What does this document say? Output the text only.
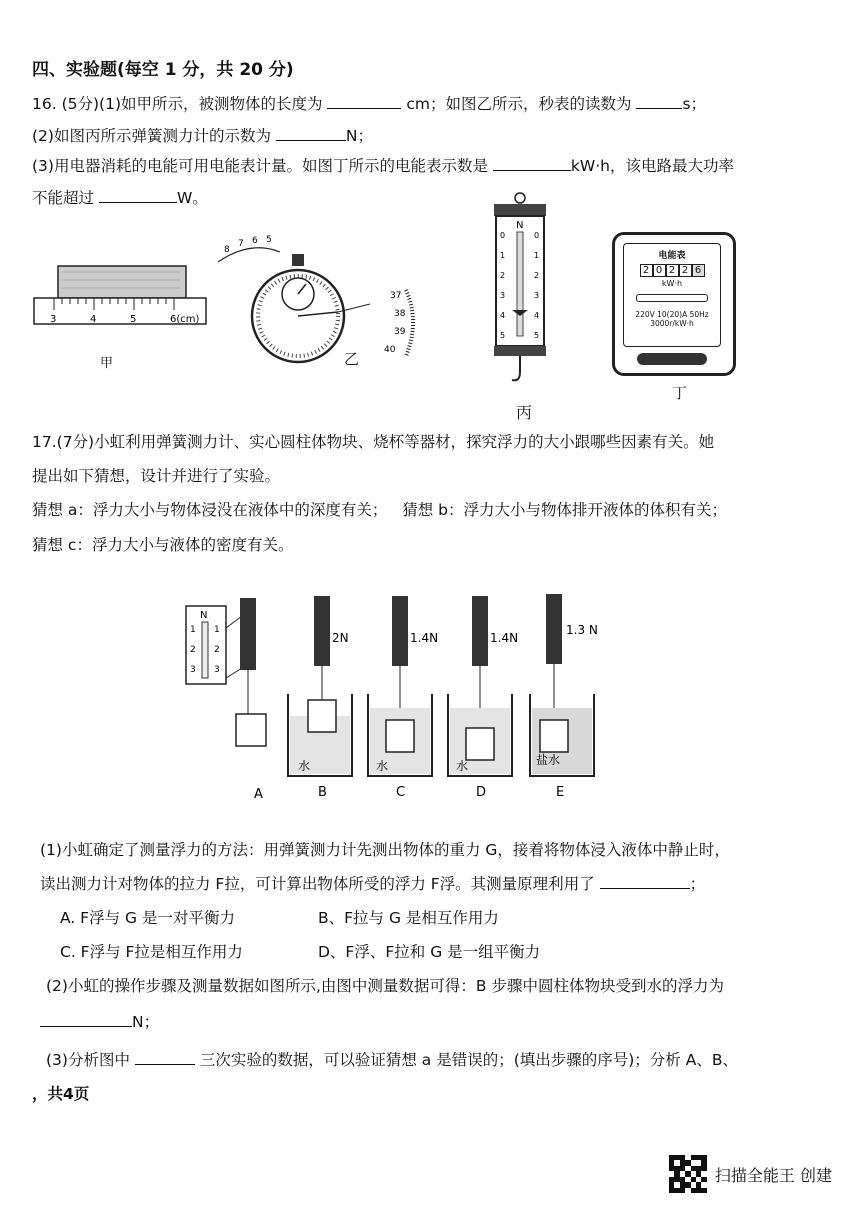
四、实验题(每空 1 分，共 20 分)
16. (5分)(1)如甲所示，被测物体的长度为	cm；如图乙所示，秒表的读数为	s；
(2)如图丙所示弹簧测力计的示数为	N；
(3)用电器消耗的电能可用电能表计量。如图丁所示的电能表示数是	kW·h，该电路最大功率
不能超过	W。
3	4	5	6(cm)
甲
8
7 6 5
37
38
39
40
乙
N
0
1
2
3
4
5
0
1
2
3
4
5
丙
电能表
2 0 2 2 6
kW·h
220V 10(20)A 50Hz
3000r/kW·h
丁
17.(7分)小虹利用弹簧测力计、实心圆柱体物块、烧杯等器材，探究浮力的大小跟哪些因素有关。她
提出如下猜想，设计并进行了实验。
猜想 a：浮力大小与物体浸没在液体中的深度有关； 猜想 b：浮力大小与物体排开液体的体积有关；
猜想 c：浮力大小与液体的密度有关。
N
1
2
3
1
2
3
2N	1.4N	1.4N
1.3 N
水	水	水	盐水
A	B	C	D	E
(1)小虹确定了测量浮力的方法：用弹簧测力计先测出物体的重力 G，接着将物体浸入液体中静止时，
读出测力计对物体的拉力 F拉，可计算出物体所受的浮力 F浮。其测量原理利用了	；
A. F浮与 G 是一对平衡力	B、F拉与 G 是相互作用力
C. F浮与 F拉是相互作用力	D、F浮、F拉和 G 是一组平衡力
(2)小虹的操作步骤及测量数据如图所示,由图中测量数据可得：B 步骤中圆柱体物块受到水的浮力为
N；
(3)分析图中	三次实验的数据，可以验证猜想 a 是错误的；(填出步骤的序号)；分析 A、B、
，共4页
扫描全能王 创建
